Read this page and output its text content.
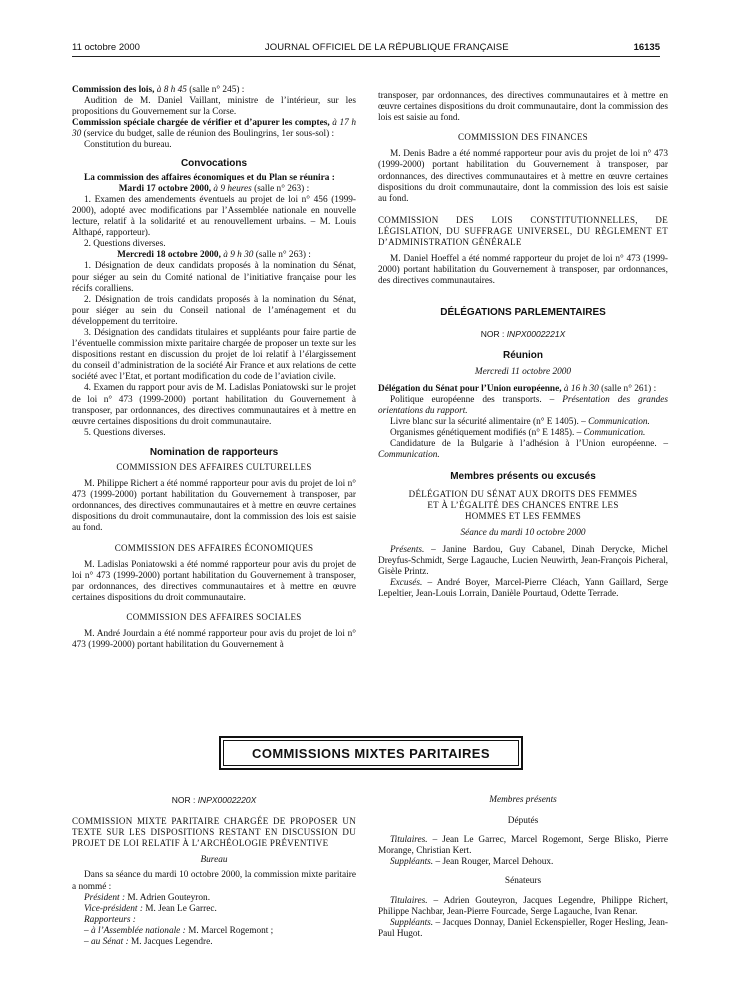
11 octobre 2000	JOURNAL OFFICIEL DE LA RÉPUBLIQUE FRANÇAISE	16135

Commission des lois, à 8 h 45 (salle n° 245) :

Audition de M. Daniel Vaillant, ministre de l’intérieur, sur les propositions du Gouvernement sur la Corse.

Commission spéciale chargée de vérifier et d’apurer les comptes, à 17 h 30 (service du budget, salle de réunion des Boulingrins, 1er sous-sol) :

Constitution du bureau.

Convocations

La commission des affaires économiques et du Plan se réunira :

Mardi 17 octobre 2000, à 9 heures (salle n° 263) :

1. Examen des amendements éventuels au projet de loi n° 456 (1999-2000), adopté avec modifications par l’Assemblée nationale en nouvelle lecture, relatif à la solidarité et au renouvellement urbains. – M. Louis Althapé, rapporteur).

2. Questions diverses.

Mercredi 18 octobre 2000, à 9 h 30 (salle n° 263) :

1. Désignation de deux candidats proposés à la nomination du Sénat, pour siéger au sein du Comité national de l’initiative française pour les récifs coralliens.

2. Désignation de trois candidats proposés à la nomination du Sénat, pour siéger au sein du Conseil national de l’aménagement et du développement du territoire.

3. Désignation des candidats titulaires et suppléants pour faire partie de l’éventuelle commission mixte paritaire chargée de proposer un texte sur les dispositions restant en discussion du projet de loi relatif à l’élargissement du conseil d’administration de la société Air France et aux relations de cette société avec l’Etat, et portant modification du code de l’aviation civile.

4. Examen du rapport pour avis de M. Ladislas Poniatowski sur le projet de loi n° 473 (1999-2000) portant habilitation du Gouvernement à transposer, par ordonnances, des directives communautaires et à mettre en œuvre certaines dispositions du droit communautaire.

5. Questions diverses.

Nomination de rapporteurs

COMMISSION DES AFFAIRES CULTURELLES

M. Philippe Richert a été nommé rapporteur pour avis du projet de loi n° 473 (1999-2000) portant habilitation du Gouvernement à transposer, par ordonnances, des directives communautaires et à mettre en œuvre certaines dispositions du droit communautaire, dont la commission des lois est saisie au fond.

COMMISSION DES AFFAIRES ÉCONOMIQUES

M. Ladislas Poniatowski a été nommé rapporteur pour avis du projet de loi n° 473 (1999-2000) portant habilitation du Gouvernement à transposer, par ordonnances, des directives communautaires et à mettre en œuvre certaines dispositions du droit communautaire.

COMMISSION DES AFFAIRES SOCIALES

M. André Jourdain a été nommé rapporteur pour avis du projet de loi n° 473 (1999-2000) portant habilitation du Gouvernement à

transposer, par ordonnances, des directives communautaires et à mettre en œuvre certaines dispositions du droit communautaire, dont la commission des lois est saisie au fond.

COMMISSION DES FINANCES

M. Denis Badre a été nommé rapporteur pour avis du projet de loi n° 473 (1999-2000) portant habilitation du Gouvernement à transposer, par ordonnances, des directives communautaires et à mettre en œuvre certaines dispositions du droit communautaire, dont la commission des lois est saisie au fond.

COMMISSION DES LOIS CONSTITUTIONNELLES, DE LÉGISLATION, DU SUFFRAGE UNIVERSEL, DU RÈGLEMENT ET D’ADMINISTRATION GÉNÉRALE

M. Daniel Hoeffel a été nommé rapporteur du projet de loi n° 473 (1999-2000) portant habilitation du Gouvernement à transposer, par ordonnances, des directives communautaires.

DÉLÉGATIONS PARLEMENTAIRES

NOR : INPX0002221X

Réunion

Mercredi 11 octobre 2000

Délégation du Sénat pour l’Union européenne, à 16 h 30 (salle n° 261) :

Politique européenne des transports. – Présentation des grandes orientations du rapport.

Livre blanc sur la sécurité alimentaire (n° E 1405). – Communication.

Organismes génétiquement modifiés (n° E 1485). – Communication.

Candidature de la Bulgarie à l’adhésion à l’Union européenne. – Communication.

Membres présents ou excusés

DÉLÉGATION DU SÉNAT AUX DROITS DES FEMMES ET À L’ÉGALITÉ DES CHANCES ENTRE LES HOMMES ET LES FEMMES

Séance du mardi 10 octobre 2000

Présents. – Janine Bardou, Guy Cabanel, Dinah Derycke, Michel Dreyfus-Schmidt, Serge Lagauche, Lucien Neuwirth, Jean-François Picheral, Gisèle Printz.

Excusés. – André Boyer, Marcel-Pierre Cléach, Yann Gaillard, Serge Lepeltier, Jean-Louis Lorrain, Danièle Pourtaud, Odette Terrade.

COMMISSIONS MIXTES PARITAIRES

NOR : INPX0002220X

COMMISSION MIXTE PARITAIRE CHARGÉE DE PROPOSER UN TEXTE SUR LES DISPOSITIONS RESTANT EN DISCUSSION DU PROJET DE LOI RELATIF À L’ARCHÉOLOGIE PRÉVENTIVE

Bureau

Dans sa séance du mardi 10 octobre 2000, la commission mixte paritaire a nommé :

Président : M. Adrien Gouteyron.

Vice-président : M. Jean Le Garrec.

Rapporteurs :

– à l’Assemblée nationale : M. Marcel Rogemont ;

– au Sénat : M. Jacques Legendre.

Membres présents

Députés

Titulaires. – Jean Le Garrec, Marcel Rogemont, Serge Blisko, Pierre Morange, Christian Kert.

Suppléants. – Jean Rouger, Marcel Dehoux.

Sénateurs

Titulaires. – Adrien Gouteyron, Jacques Legendre, Philippe Richert, Philippe Nachbar, Jean-Pierre Fourcade, Serge Lagauche, Ivan Renar.

Suppléants. – Jacques Donnay, Daniel Eckenspieller, Roger Hesling, Jean-Paul Hugot.
